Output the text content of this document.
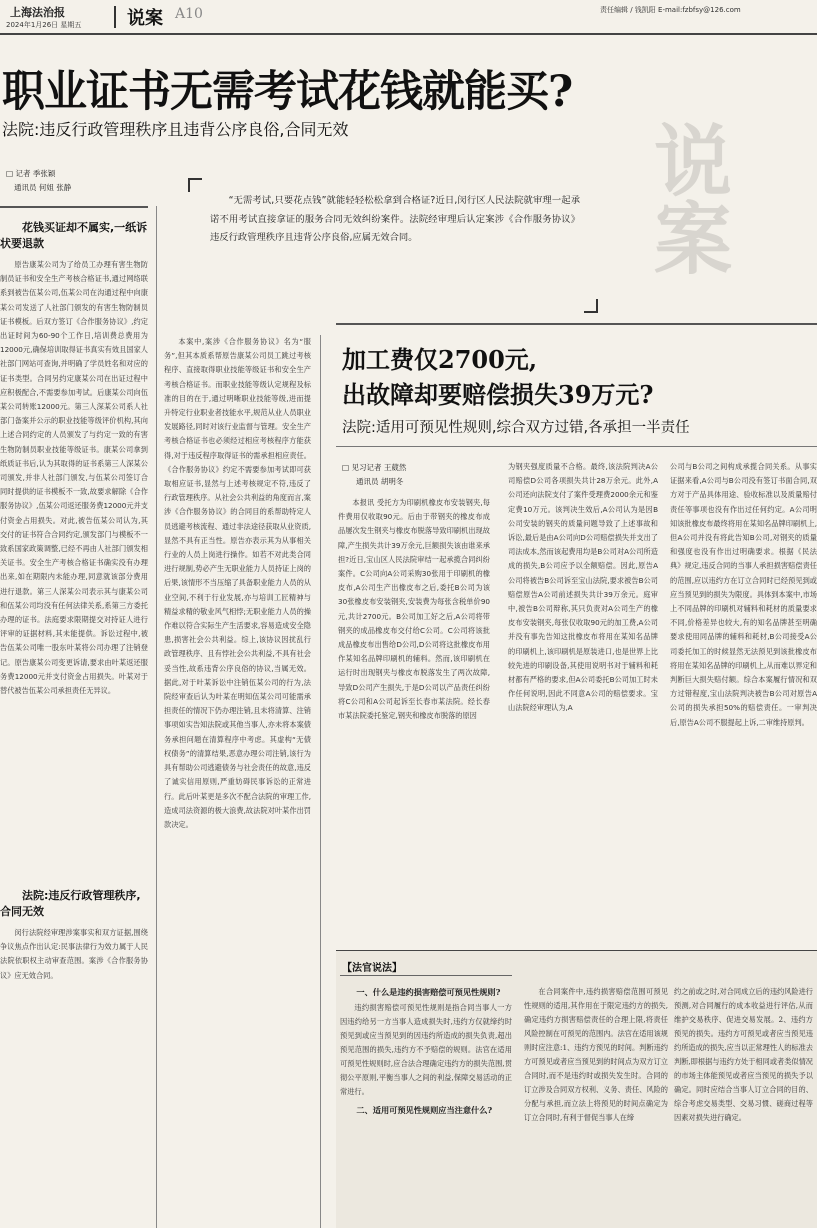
上海法治报
2024年1月26日 星期五	说案 A10	责任编辑 / 钱凯阳 E-mail:fzbfsy@126.com
说案
职业证书无需考试花钱就能买?
法院:违反行政管理秩序且违背公序良俗,合同无效
□ 记者 季张颖
通讯员 何姐 张静
“无需考试,只要花点钱”就能轻轻松松拿到合格证?近日,闵行区人民法院就审理一起承诺不用考试直接拿证的服务合同无效纠纷案件。法院经审理后认定案涉《合作服务协议》违反行政管理秩序且违背公序良俗,应属无效合同。
花钱买证却不属实,一纸诉状要退款
原告康某公司为了给员工办理有害生物防制员证书和安全生产考核合格证书,通过网络联系到被告伍某公司,伍某公司在沟通过程中向康某公司发送了人社部门颁发的有害生物防制员证书模板。后双方签订《合作服务协议》,约定出证时间为60-90个工作日,培训费总费用为12000元,确保培训取得证书真实有效且国家人社部门网站可查询,并明确了学员姓名和对应的证书类型。合同另约定康某公司在出证过程中应积极配合,不需要参加考试。后康某公司向伍某公司转账12000元。第三人深某公司系人社部门备案并公示的职业技能等级评价机构,其向上述合同约定的人员颁发了与约定一致的有害生物防制员职业技能等级证书。康某公司拿到纸质证书后,认为其取得的证书系第三人深某公司颁发,并非人社部门颁发,与伍某公司签订合同时提供的证书模板不一致,故要求解除《合作服务协议》,伍某公司返还服务费12000元并支付资金占用损失。对此,被告伍某公司认为,其交付的证书符合合同约定,颁发部门与模板不一致系国家政策调整,已经不再由人社部门颁发相关证书。安全生产考核合格证书确实没有办理出来,如在期限内未能办理,同意就该部分费用进行退款。第三人深某公司表示其与康某公司和伍某公司均没有任何法律关系,系第三方委托办理的证书。法庭要求限期提交对持证人进行评审的证据材料,其未能提供。诉讼过程中,被告伍某公司唯一股东叶某将公司办理了注销登记。原告康某公司变更诉请,要求由叶某返还服务费12000元并支付资金占用损失。叶某对于替代被告伍某公司承担责任无异议。
法院:违反行政管理秩序,合同无效
闵行法院经审理涉案事实和双方证据,围绕争议焦点作出认定:民事法律行为效力属于人民法院依职权主动审查范围。案涉《合作服务协议》应无效合同。
本案中,案涉《合作服务协议》名为“服务”,但其本质系帮原告康某公司员工跳过考核程序、直接取得职业技能等级证书和安全生产考核合格证书。而职业技能等级认定规程及标准的目的在于,通过明晰职业技能等级,进而提升特定行业职业者技能水平,规范从业人员职业发展路径,同时对该行业监督与管理。安全生产考核合格证书也必须经过相应考核程序方能获得,对于违反程序取得证书的需承担相应责任。《合作服务协议》约定不需要参加考试即可获取相应证书,显然与上述考核规定不符,违反了行政管理秩序。从社会公共利益的角度而言,案涉《合作服务协议》的合同目的系帮助特定人员逃避考核流程、通过非法途径获取从业资质,显然不具有正当性。原告亦表示其为从事相关行业的人员上岗进行操作。如若不对此类合同进行规制,势必产生无职业能力人员持证上岗的后果,该情形不当压缩了具备职业能力人员的从业空间,不利于行业发展,亦与培训工匠精神与精益求精的敬业风气相悖;无职业能力人员的操作难以符合实际生产生活要求,容易造成安全隐患,损害社会公共利益。综上,该协议因扰乱行政管理秩序、且有悖社会公共利益,不具有社会妥当性,故系违背公序良俗的协议,当属无效。据此,对于叶某诉讼中注销伍某公司的行为,法院经审查后认为叶某在明知伍某公司可能需承担责任的情况下仍办理注销,且未将清算、注销事项如实告知法院或其他当事人,亦未将本案债务承担问题在清算程序中考虑。其虚构“无债权债务”的清算结果,恶意办理公司注销,该行为具有帮助公司逃避债务与社会责任的故意,违反了诚实信用原则,严重妨碍民事诉讼的正常进行。此后叶某更是多次不配合法院的审理工作,造成司法资源的极大浪费,故法院对叶某作出罚款决定。
加工费仅2700元,
出故障却要赔偿损失39万元?
法院:适用可预见性规则,综合双方过错,各承担一半责任
□ 见习记者 王葳然
通讯员 胡明冬
本报讯 受托方为印刷机橡皮布安装钢夹,每件费用仅收取90元。后由于带钢夹的橡皮布成品屡次发生钢夹与橡皮布脱落导致印刷机出现故障,产生损失共计39万余元,巨额损失该由谁来承担?近日,宝山区人民法院审结一起承揽合同纠纷案件。C公司向A公司采购30张用于印刷机的橡皮布,A公司生产出橡皮布之后,委托B公司为该30张橡皮布安装钢夹,安装费为每张含税单价90元,共计2700元。B公司加工好之后,A公司将带钢夹的成品橡皮布交付给C公司。C公司将该批成品橡皮布出售给D公司,D公司将这批橡皮布用作某知名品牌印刷机的辅料。然而,该印刷机在运行时出现钢夹与橡皮布脱落发生了两次故障,导致D公司产生损失,于是D公司以产品责任纠纷将C公司和A公司起诉至长春市某法院。经长春市某法院委托鉴定,钢夹和橡皮布脱落的原因
为钢夹强度质量不合格。最终,该法院判决A公司赔偿D公司各项损失共计28万余元。此外,A公司还向法院支付了案件受理费2000余元和鉴定费10万元。该判决生效后,A公司认为是因B公司安装的钢夹的质量问题导致了上述事故和诉讼,最后是由A公司向D公司赔偿损失并支出了司法成本,然而该起费用均是B公司对A公司所造成的损失,B公司应予以全额赔偿。因此,原告A公司将被告B公司诉至宝山法院,要求被告B公司赔偿原告A公司前述损失共计39万余元。庭审中,被告B公司辩称,其只负责对A公司生产的橡皮布安装钢夹,每张仅收取90元的加工费,A公司并没有事先告知这批橡皮布将用在某知名品牌的印刷机上,该印刷机是原装进口,也是世界上比较先进的印刷设备,其使用说明书对于辅料和耗材都有严格的要求,但A公司委托B公司加工时未作任何说明,因此不同意A公司的赔偿要求。宝山法院经审理认为,A
公司与B公司之间构成承揽合同关系。从事实证据来看,A公司与B公司没有签订书面合同,双方对于产品具体用途、验收标准以及质量赔付责任等事项也没有作出过任何约定。A公司明知该批橡皮布最终将用在某知名品牌印刷机上,但A公司并没有将此告知B公司,对钢夹的质量和强度也没有作出过明确要求。根据《民法典》规定,违反合同的当事人承担损害赔偿责任的范围,应以违约方在订立合同时已经预见到或应当预见到的损失为限度。具体到本案中,市场上不同品牌的印刷机对辅料和耗材的质量要求不同,价格差异也较大,有的知名品牌甚至明确要求使用同品牌的辅料和耗材,B公司接受A公司委托加工的时候显然无法预见到该批橡皮布将用在某知名品牌的印刷机上,从而难以界定和判断巨大损失赔付额。综合本案履行情况和双方过错程度,宝山法院判决被告B公司对原告A公司的损失承担50%的赔偿责任。一审判决后,原告A公司不服提起上诉,二审维持原判。
【法官说法】
一、什么是违约损害赔偿可预见性规则?
违约损害赔偿可预见性规则是指合同当事人一方因违约给另一方当事人造成损失时,违约方仅就缔约时预见到或应当预见到的因违约所造成的损失负责,超出预见范围的损失,违约方不予赔偿的规则。法官在适用可预见性规则时,应合法合理确定违约方的损失范围,贯彻公平原则,平衡当事人之间的利益,保障交易活动的正常进行。
二、适用可预见性规则应当注意什么?
在合同案件中,违约损害赔偿范围可预见性规则的适用,其作用在于限定违约方的损失,确定违约方损害赔偿责任的合理上限,将责任风险控制在可预见的范围内。法官在适用该规则时应注意:1、违约方预见的时间。判断违约方可预见或者应当预见到的时间点为双方订立合同时,而不是违约时或损失发生时。合同的订立涉及合同双方权利、义务、责任、风险的分配与承担,而立法上将预见的时间点确定为订立合同时,有利于督促当事人在缔
约之前或之时,对合同成立后的违约风险进行预测,对合同履行的成本收益进行评估,从而维护交易秩序、促进交易发展。2、违约方预见的损失。违约方可预见或者应当预见违约所造成的损失,应当以正常理性人的标准去判断,即根据与违约方处于相同或者类似情况的市场主体能预见或者应当预见的损失予以确定。同时应结合当事人订立合同的目的、综合考虑交易类型、交易习惯、磋商过程等因素对损失进行确定。
